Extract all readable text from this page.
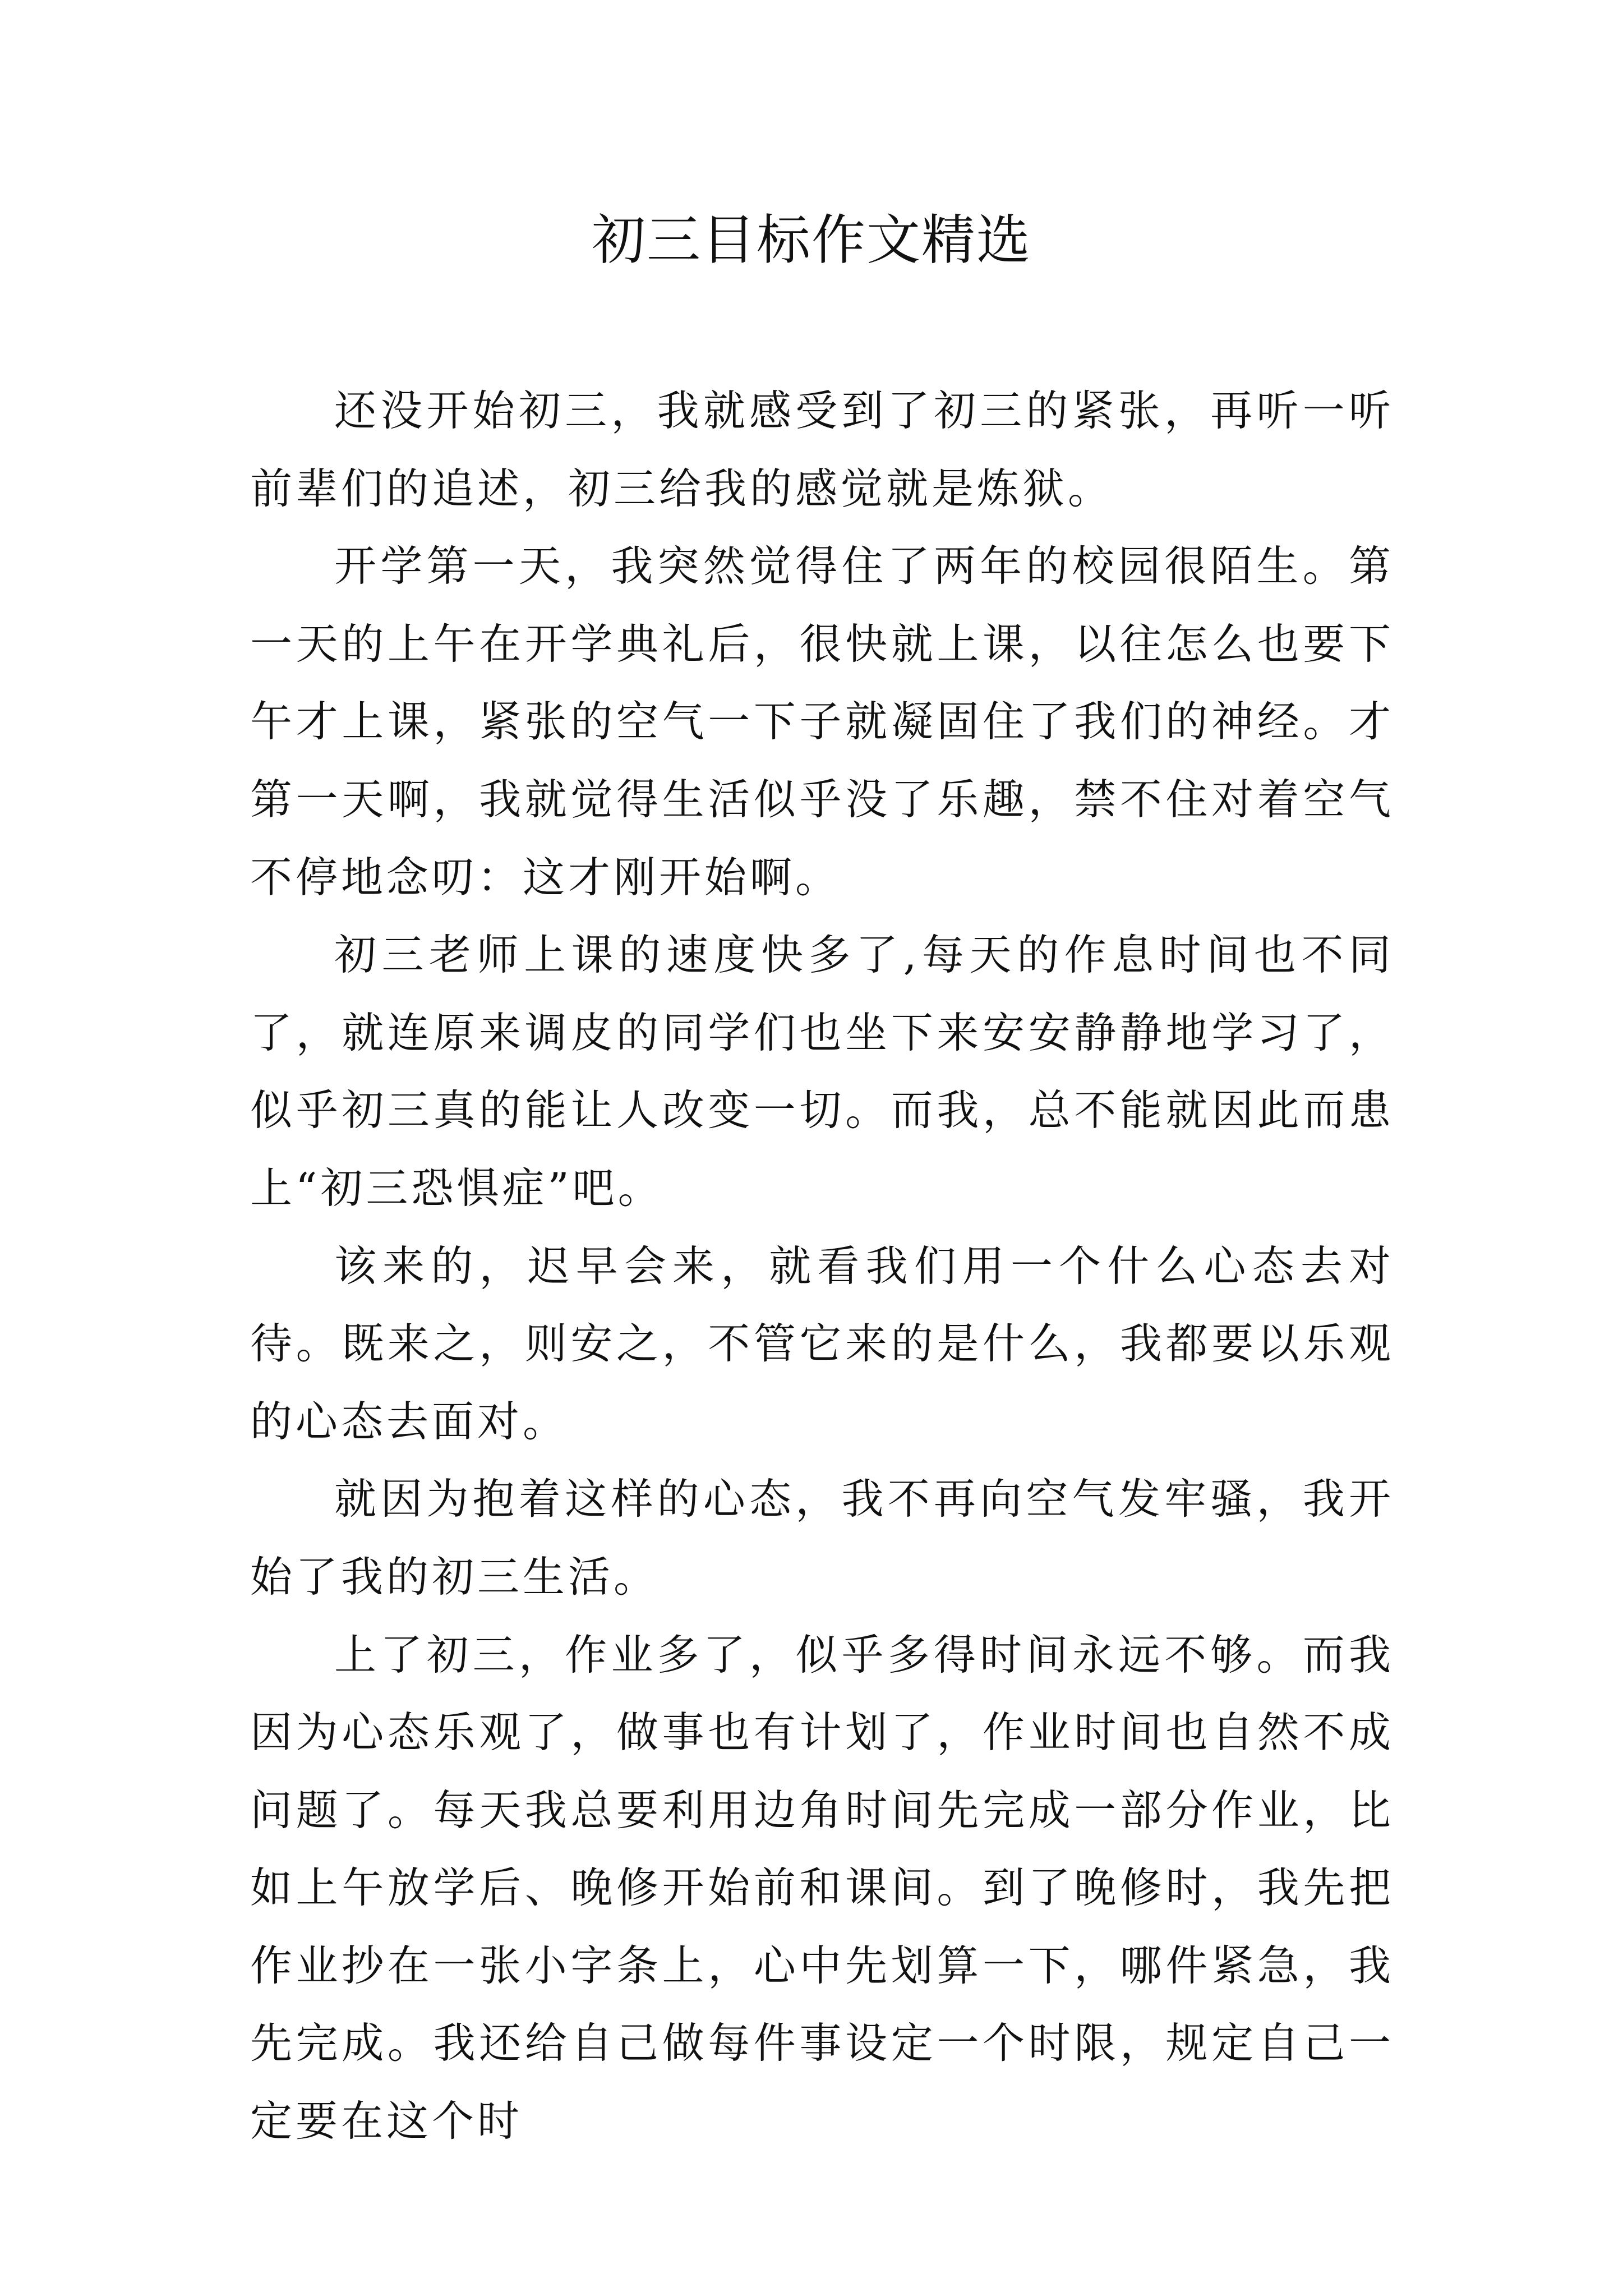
初三目标作文精选

还没开始初三，我就感受到了初三的紧张，再听一听前辈们的追述，初三给我的感觉就是炼狱。

开学第一天，我突然觉得住了两年的校园很陌生。第一天的上午在开学典礼后，很快就上课，以往怎么也要下午才上课，紧张的空气一下子就凝固住了我们的神经。才第一天啊，我就觉得生活似乎没了乐趣，禁不住对着空气不停地念叨：这才刚开始啊。

初三老师上课的速度快多了,每天的作息时间也不同了，就连原来调皮的同学们也坐下来安安静静地学习了，似乎初三真的能让人改变一切。而我，总不能就因此而患上“初三恐惧症”吧。

该来的，迟早会来，就看我们用一个什么心态去对待。既来之，则安之，不管它来的是什么，我都要以乐观的心态去面对。

就因为抱着这样的心态，我不再向空气发牢骚，我开始了我的初三生活。

上了初三，作业多了，似乎多得时间永远不够。而我因为心态乐观了，做事也有计划了，作业时间也自然不成问题了。每天我总要利用边角时间先完成一部分作业，比如上午放学后、晚修开始前和课间。到了晚修时，我先把作业抄在一张小字条上，心中先划算一下，哪件紧急，我先完成。我还给自己做每件事设定一个时限，规定自己一定要在这个时
